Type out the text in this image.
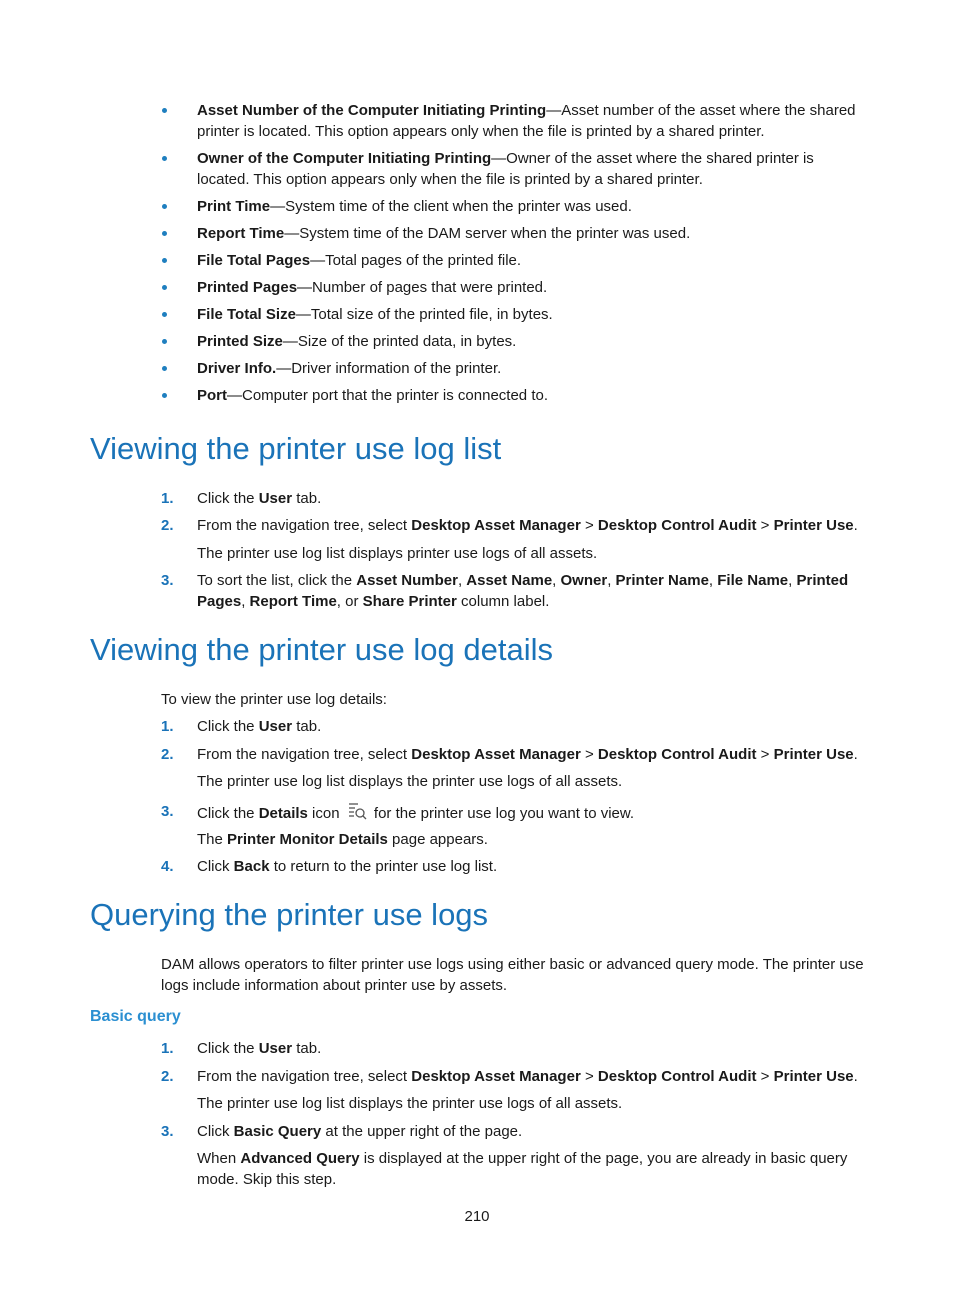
Asset Number of the Computer Initiating Printing—Asset number of the asset where the shared printer is located. This option appears only when the file is printed by a shared printer.
Owner of the Computer Initiating Printing—Owner of the asset where the shared printer is located. This option appears only when the file is printed by a shared printer.
Print Time—System time of the client when the printer was used.
Report Time—System time of the DAM server when the printer was used.
File Total Pages—Total pages of the printed file.
Printed Pages—Number of pages that were printed.
File Total Size—Total size of the printed file, in bytes.
Printed Size—Size of the printed data, in bytes.
Driver Info.—Driver information of the printer.
Port—Computer port that the printer is connected to.
Viewing the printer use log list
1. Click the User tab.
2. From the navigation tree, select Desktop Asset Manager > Desktop Control Audit > Printer Use.

The printer use log list displays printer use logs of all assets.

3. To sort the list, click the Asset Number, Asset Name, Owner, Printer Name, File Name, Printed Pages, Report Time, or Share Printer column label.
Viewing the printer use log details

To view the printer use log details:

1. Click the User tab.
2. From the navigation tree, select Desktop Asset Manager > Desktop Control Audit > Printer Use.

The printer use log list displays the printer use logs of all assets.

3. Click the Details icon  for the printer use log you want to view.

The Printer Monitor Details page appears.

4. Click Back to return to the printer use log list.
Querying the printer use logs

DAM allows operators to filter printer use logs using either basic or advanced query mode. The printer use logs include information about printer use by assets.

Basic query
1. Click the User tab.
2. From the navigation tree, select Desktop Asset Manager > Desktop Control Audit > Printer Use.

The printer use log list displays the printer use logs of all assets.

3. Click Basic Query at the upper right of the page.

When Advanced Query is displayed at the upper right of the page, you are already in basic query mode. Skip this step.

210
